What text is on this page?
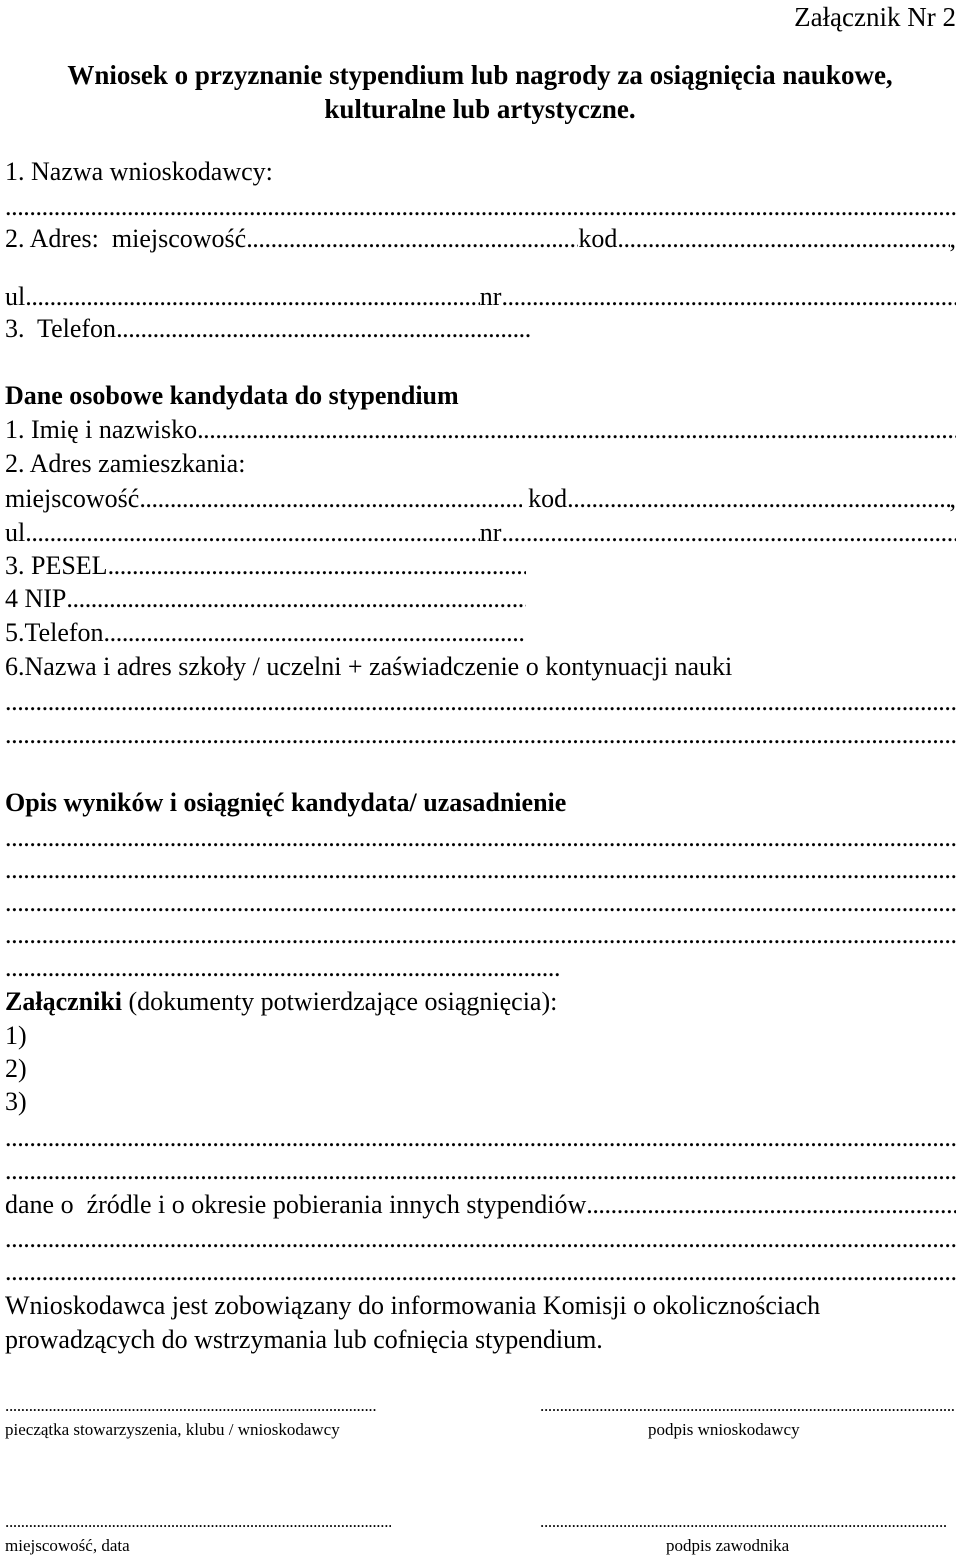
Załącznik Nr 2
Wniosek o przyznanie stypendium lub nagrody za osiągnięcia naukowe,
kulturalne lub artystyczne.
1. Nazwa wnioskodawcy:
.....
2. Adres:  miejscowość .....	kod .....	,
ul .....	nr
.....
3.  Telefon
.....
Dane osobowe kandydata do stypendium
1. Imię i nazwisko
.....
2. Adres zamieszkania:
miejscowość .....	kod .....	,
ul .....	nr
.....
3. PESEL
.....
4 NIP
.....
5.Telefon
.....
6.Nazwa i adres szkoły / uczelni + zaświadczenie o kontynuacji nauki
.....
.....
Opis wyników i osiągnięć kandydata/ uzasadnienie
.....
.....
.....
.....
.....
Załączniki (dokumenty potwierdzające osiągnięcia):
1)
2)
3)
.....
.....
dane o  źródle i o okresie pobierania innych stypendiów
.....
.....
.....
Wnioskodawca jest zobowiązany do informowania Komisji o okolicznościach
prowadzących do wstrzymania lub cofnięcia stypendium.
.....
.....
pieczątka stowarzyszenia, klubu / wnioskodawcy	podpis wnioskodawcy
.....
.....
miejscowość, data	podpis zawodnika
